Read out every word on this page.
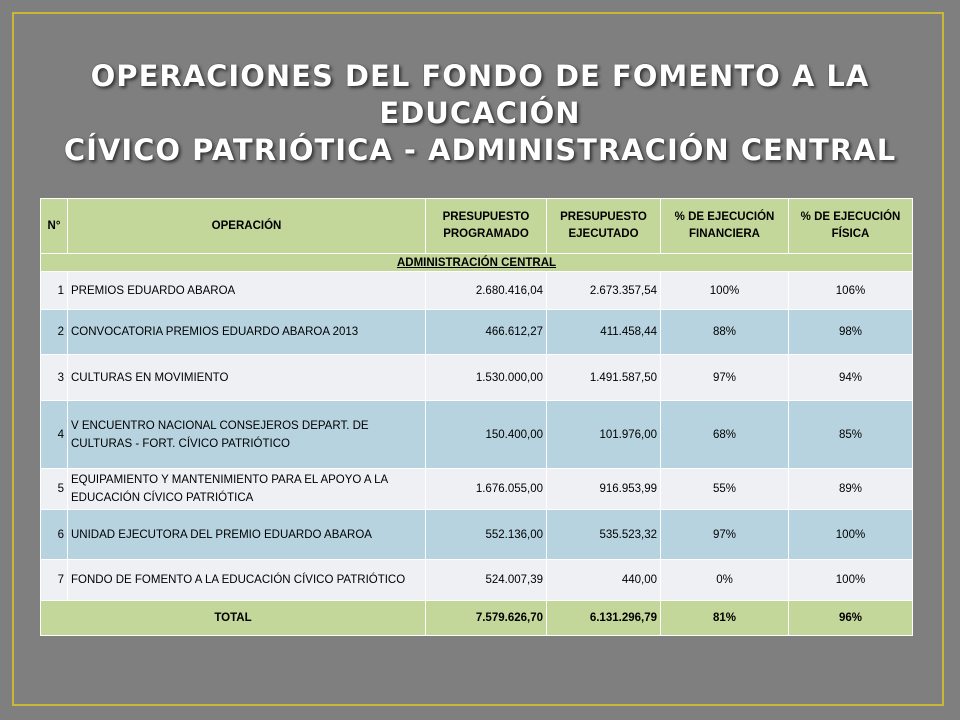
OPERACIONES DEL FONDO DE FOMENTO A LA EDUCACIÓN
CÍVICO PATRIÓTICA - ADMINISTRACIÓN CENTRAL
N°	OPERACIÓN	PRESUPUESTO PROGRAMADO	PRESUPUESTO EJECUTADO	% DE EJECUCIÓN FINANCIERA	% DE EJECUCIÓN FÍSICA
ADMINISTRACIÓN CENTRAL					
1	PREMIOS EDUARDO ABAROA	2.680.416,04	2.673.357,54	100%	106%
2	CONVOCATORIA PREMIOS EDUARDO ABAROA 2013	466.612,27	411.458,44	88%	98%
3	CULTURAS EN MOVIMIENTO	1.530.000,00	1.491.587,50	97%	94%
4	V ENCUENTRO NACIONAL CONSEJEROS DEPART. DE CULTURAS - FORT. CÍVICO PATRIÓTICO	150.400,00	101.976,00	68%	85%
5	EQUIPAMIENTO Y MANTENIMIENTO PARA EL APOYO A LA EDUCACIÓN CÍVICO PATRIÓTICA	1.676.055,00	916.953,99	55%	89%
6	UNIDAD EJECUTORA DEL PREMIO EDUARDO ABAROA	552.136,00	535.523,32	97%	100%
7	FONDO DE FOMENTO A LA EDUCACIÓN CÍVICO PATRIÓTICO	524.007,39	440,00	0%	100%
TOTAL		7.579.626,70	6.131.296,79	81%	96%
